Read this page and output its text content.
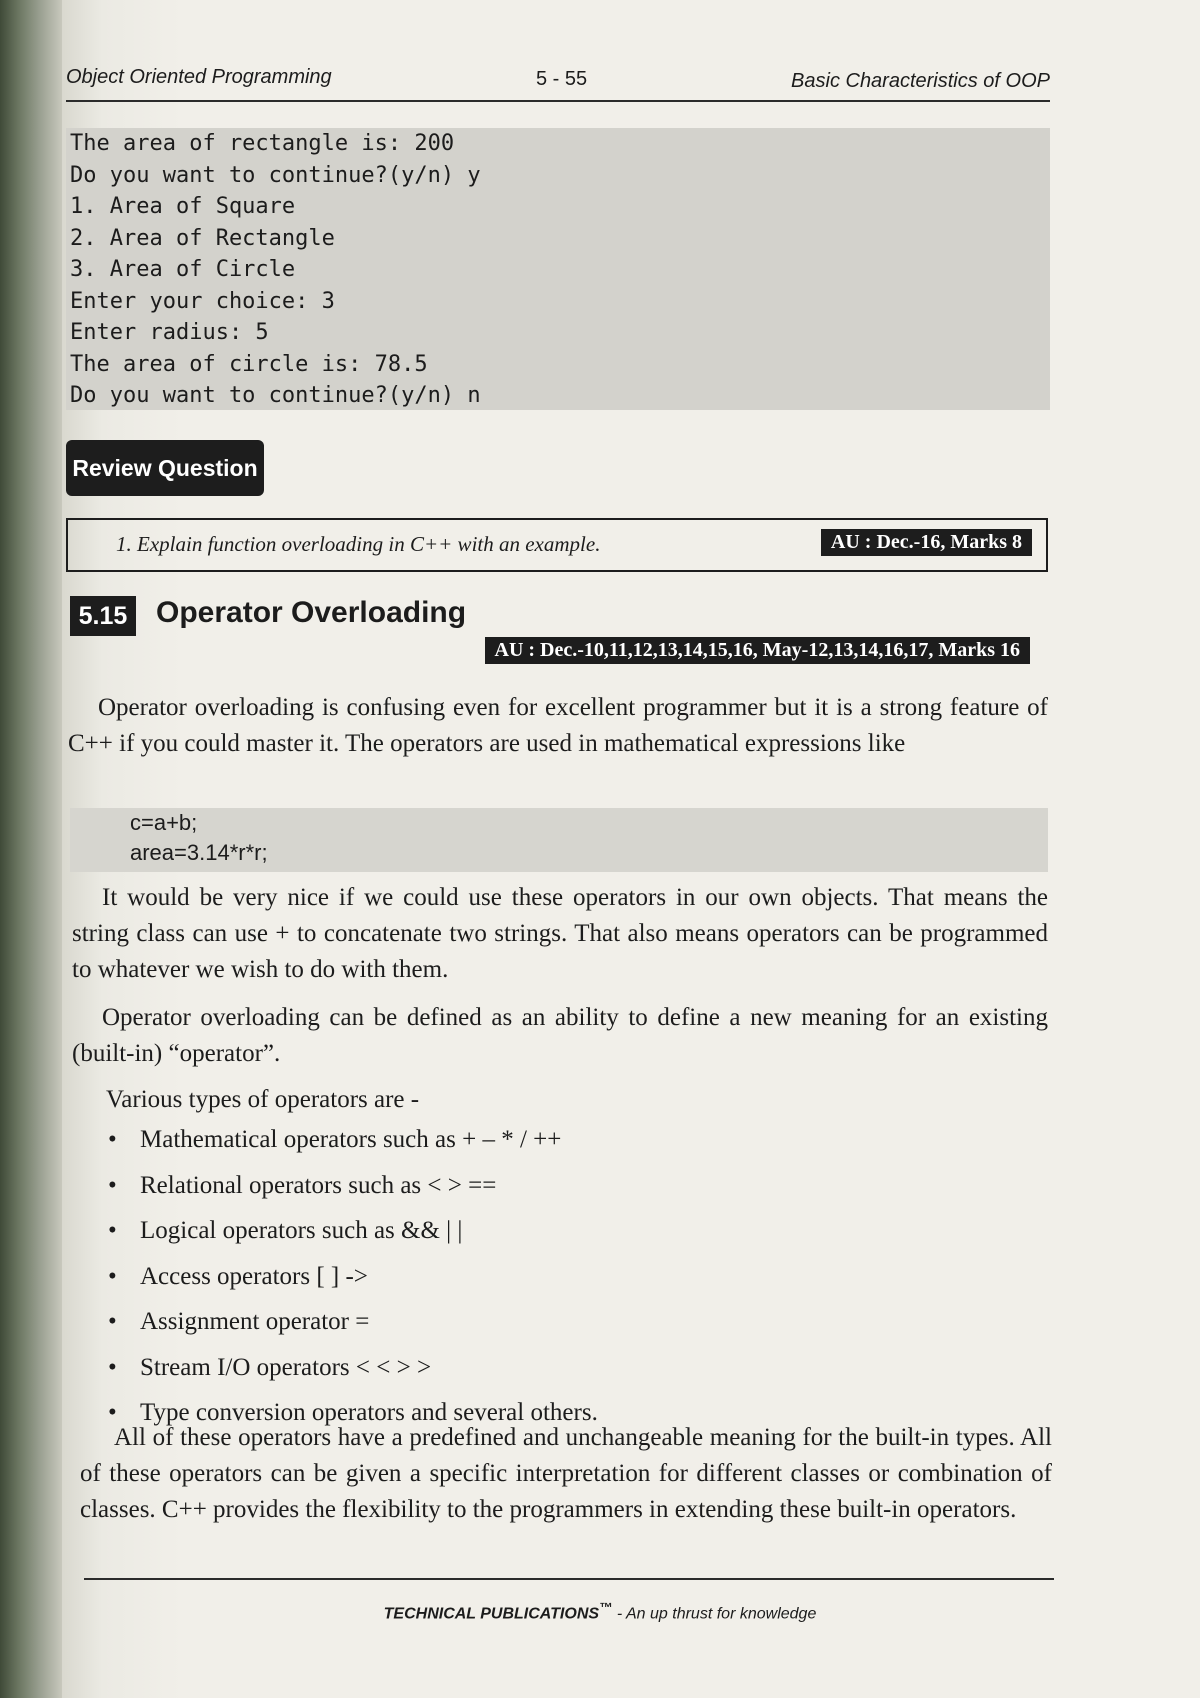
Object Oriented Programming	5 - 55	Basic Characteristics of OOP
The area of rectangle is: 200
Do you want to continue?(y/n) y
1. Area of Square
2. Area of Rectangle
3. Area of Circle
Enter your choice: 3
Enter radius: 5
The area of circle is: 78.5
Do you want to continue?(y/n) n
Review Question
1. Explain function overloading in C++ with an example.	AU : Dec.-16, Marks 8
5.15 Operator Overloading
AU : Dec.-10,11,12,13,14,15,16, May-12,13,14,16,17, Marks 16
Operator overloading is confusing even for excellent programmer but it is a strong feature of C++ if you could master it. The operators are used in mathematical expressions like
c=a+b;
area=3.14*r*r;
It would be very nice if we could use these operators in our own objects. That means the string class can use + to concatenate two strings. That also means operators can be programmed to whatever we wish to do with them.
Operator overloading can be defined as an ability to define a new meaning for an existing (built-in) “operator”.
Various types of operators are -
• Mathematical operators such as + – * / ++
• Relational operators such as < > ==
• Logical operators such as && | |
• Access operators [ ] ->
• Assignment operator =
• Stream I/O operators < < > >
• Type conversion operators and several others.
All of these operators have a predefined and unchangeable meaning for the built-in types. All of these operators can be given a specific interpretation for different classes or combination of classes. C++ provides the flexibility to the programmers in extending these built-in operators.
TECHNICAL PUBLICATIONS™ - An up thrust for knowledge
